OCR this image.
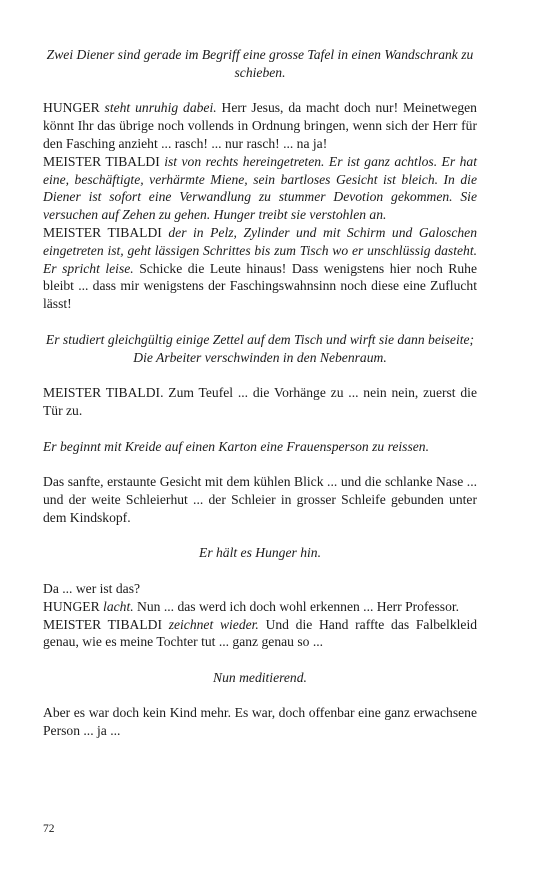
Zwei Diener sind gerade im Begriff eine grosse Tafel in einen Wandschrank zu schieben.

HUNGER steht unruhig dabei. Herr Jesus, da macht doch nur! Meinetwegen könnt Ihr das übrige noch vollends in Ordnung bringen, wenn sich der Herr für den Fasching anzieht ... rasch! ... nur rasch! ... na ja!

MEISTER TIBALDI ist von rechts hereingetreten. Er ist ganz achtlos. Er hat eine, beschäftigte, verhärmte Miene, sein bartloses Gesicht ist bleich. In die Diener ist sofort eine Verwandlung zu stummer Devotion gekommen. Sie versuchen auf Zehen zu gehen. Hunger treibt sie verstohlen an.

MEISTER TIBALDI der in Pelz, Zylinder und mit Schirm und Galoschen eingetreten ist, geht lässigen Schrittes bis zum Tisch wo er unschlüssig dasteht. Er spricht leise. Schicke die Leute hinaus! Dass wenigstens hier noch Ruhe bleibt ... dass mir wenigstens der Faschingswahnsinn noch diese eine Zuflucht lässt!

Er studiert gleichgültig einige Zettel auf dem Tisch und wirft sie dann beiseite; Die Arbeiter verschwinden in den Nebenraum.

MEISTER TIBALDI. Zum Teufel ... die Vorhänge zu ... nein nein, zuerst die Tür zu.

Er beginnt mit Kreide auf einen Karton eine Frauensperson zu reissen.

Das sanfte, erstaunte Gesicht mit dem kühlen Blick ... und die schlanke Nase ... und der weite Schleierhut ... der Schleier in grosser Schleife gebunden unter dem Kindskopf.

Er hält es Hunger hin.

Da ... wer ist das?

HUNGER lacht. Nun ... das werd ich doch wohl erkennen ... Herr Professor.

MEISTER TIBALDI zeichnet wieder. Und die Hand raffte das Falbelkleid genau, wie es meine Tochter tut ... ganz genau so ...

Nun meditierend.

Aber es war doch kein Kind mehr. Es war, doch offenbar eine ganz erwachsene Person ... ja ...

72
